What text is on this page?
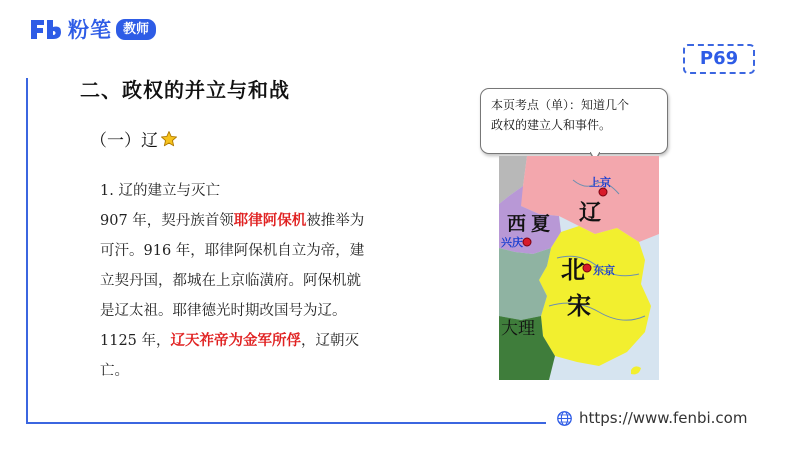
粉笔 教师
P69
二、政权的并立与和战
（一）辽

1. 辽的建立与灭亡

907 年，契丹族首领耶律阿保机被推举为可汗。916 年，耶律阿保机自立为帝，建立契丹国，都城在上京临潢府。阿保机就是辽太祖。耶律德光时期改国号为辽。

1125 年，辽天祚帝为金军所俘，辽朝灭亡。

本页考点（单）：知道几个
政权的建立人和事件。
上京
辽
西 夏
兴庆
北 东京
宋
大理
https://www.fenbi.com
